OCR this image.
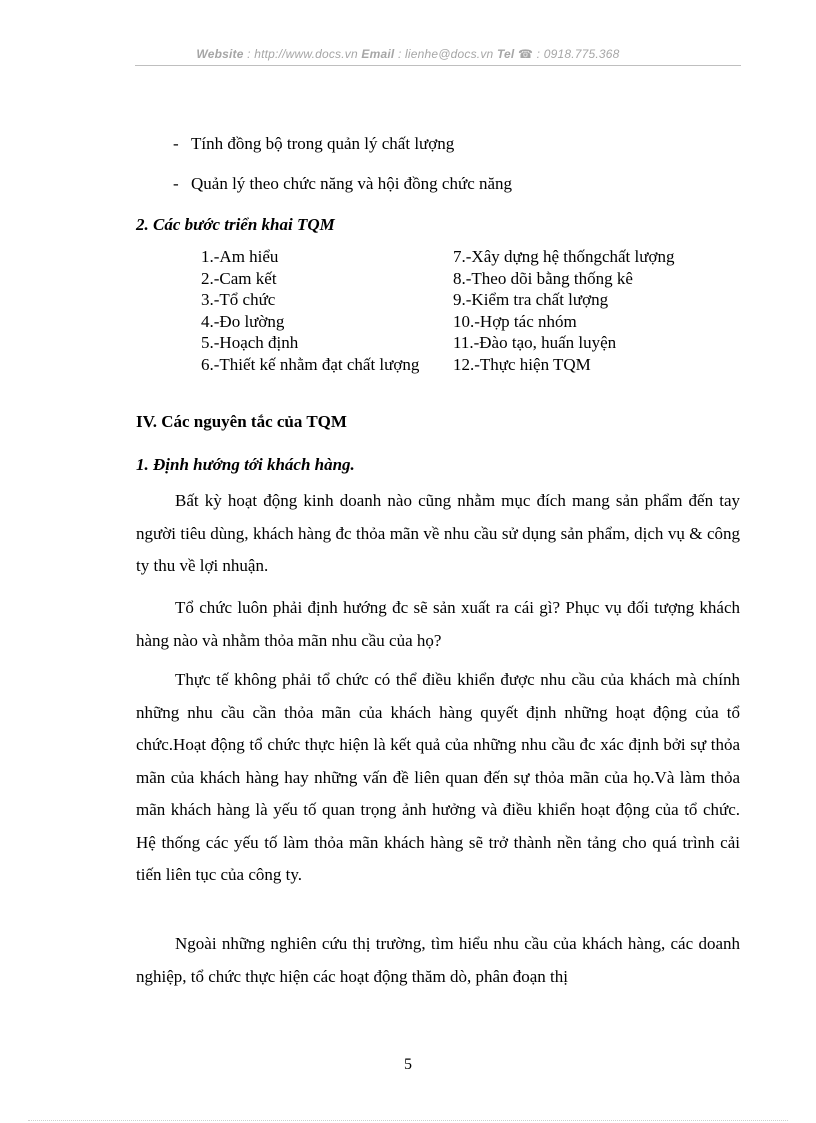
Website : http://www.docs.vn Email : lienhe@docs.vn Tel ☎ : 0918.775.368
- Tính đồng bộ trong quản lý chất lượng
- Quản lý theo chức năng và hội đồng chức năng
2. Các bước triển khai TQM
1.-Am hiểu
2.-Cam kết
3.-Tổ chức
4.-Đo lường
5.-Hoạch định
6.-Thiết kế nhằm đạt chất lượng
7.-Xây dựng hệ thốngchất lượng
8.-Theo dõi bằng thống kê
9.-Kiểm tra chất lượng
10.-Hợp tác nhóm
11.-Đào tạo, huấn luyện
12.-Thực hiện TQM
IV. Các nguyên tắc của TQM
1. Định hướng tới khách hàng.

Bất kỳ hoạt động kinh doanh nào cũng nhằm mục đích mang sản phẩm đến tay người tiêu dùng, khách hàng đc thỏa mãn về nhu cầu sử dụng sản phẩm, dịch vụ & công ty thu về lợi nhuận.

Tổ chức luôn phải định hướng đc sẽ sản xuất ra cái gì? Phục vụ đối tượng khách hàng nào và nhằm thỏa mãn nhu cầu của họ?

Thực tế không phải tổ chức có thể điều khiển được nhu cầu của khách mà chính những nhu cầu cần thỏa mãn của khách hàng quyết định những hoạt động của tổ chức.Hoạt động tổ chức thực hiện là kết quả của những nhu cầu đc xác định bởi sự thỏa mãn của khách hàng hay những vấn đề liên quan đến sự thỏa mãn của họ.Và làm thỏa mãn khách hàng là yếu tố quan trọng ảnh hưởng và điều khiển hoạt động của tổ chức. Hệ thống các yếu tố làm thỏa mãn khách hàng sẽ trở thành nền tảng cho quá trình cải tiến liên tục của công ty.

Ngoài những nghiên cứu thị trường, tìm hiểu nhu cầu của khách hàng, các doanh nghiệp, tổ chức thực hiện các hoạt động thăm dò, phân đoạn thị

5
